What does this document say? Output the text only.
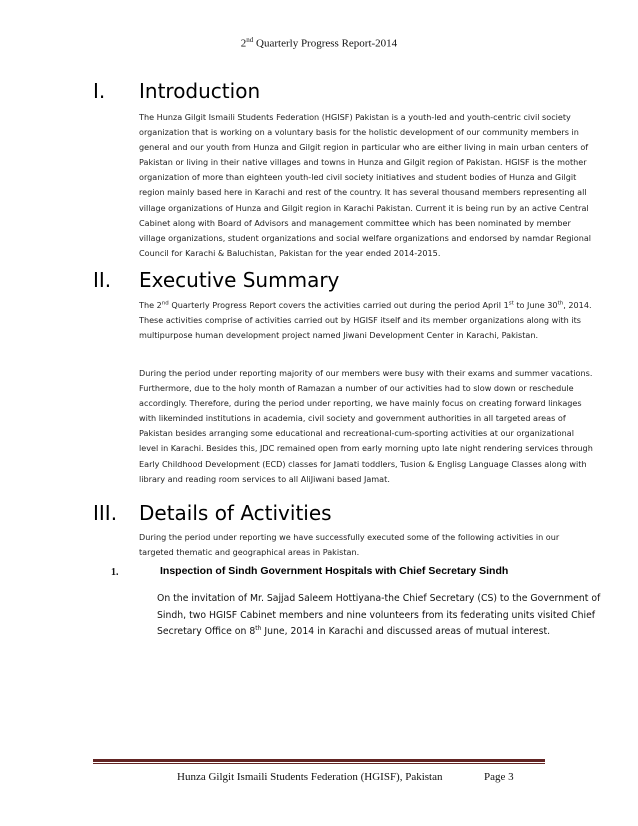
2nd Quarterly Progress Report-2014
I. Introduction

The Hunza Gilgit Ismaili Students Federation (HGISF) Pakistan is a youth-led and youth-centric civil society organization that is working on a voluntary basis for the holistic development of our community members in general and our youth from Hunza and Gilgit region in particular who are either living in main urban centers of Pakistan or living in their native villages and towns in Hunza and Gilgit region of Pakistan. HGISF is the mother organization of more than eighteen youth-led civil society initiatives and student bodies of Hunza and Gilgit region mainly based here in Karachi and rest of the country. It has several thousand members representing all village organizations of Hunza and Gilgit region in Karachi Pakistan. Current it is being run by an active Central Cabinet along with Board of Advisors and management committee which has been nominated by member village organizations, student organizations and social welfare organizations and endorsed by namdar Regional Council for Karachi & Baluchistan, Pakistan for the year ended 2014-2015.

II. Executive Summary

The 2nd Quarterly Progress Report covers the activities carried out during the period April 1st to June 30th, 2014. These activities comprise of activities carried out by HGISF itself and its member organizations along with its multipurpose human development project named Jiwani Development Center in Karachi, Pakistan.

During the period under reporting majority of our members were busy with their exams and summer vacations. Furthermore, due to the holy month of Ramazan a number of our activities had to slow down or reschedule accordingly. Therefore, during the period under reporting, we have mainly focus on creating forward linkages with likeminded institutions in academia, civil society and government authorities in all targeted areas of Pakistan besides arranging some educational and recreational-cum-sporting activities at our organizational level in Karachi. Besides this, JDC remained open from early morning upto late night rendering services through Early Childhood Development (ECD) classes for Jamati toddlers, Tusion & Englisg Language Classes along with library and reading room services to all AliJiwani based Jamat.

III. Details of Activities

During the period under reporting we have successfully executed some of the following activities in our targeted thematic and geographical areas in Pakistan.

1.	Inspection of Sindh Government Hospitals with Chief Secretary Sindh

On the invitation of Mr. Sajjad Saleem Hottiyana-the Chief Secretary (CS) to the Government of Sindh, two HGISF Cabinet members and nine volunteers from its federating units visited Chief Secretary Office on 8th June, 2014 in Karachi and discussed areas of mutual interest.

Hunza Gilgit Ismaili Students Federation (HGISF), Pakistan	Page 3
